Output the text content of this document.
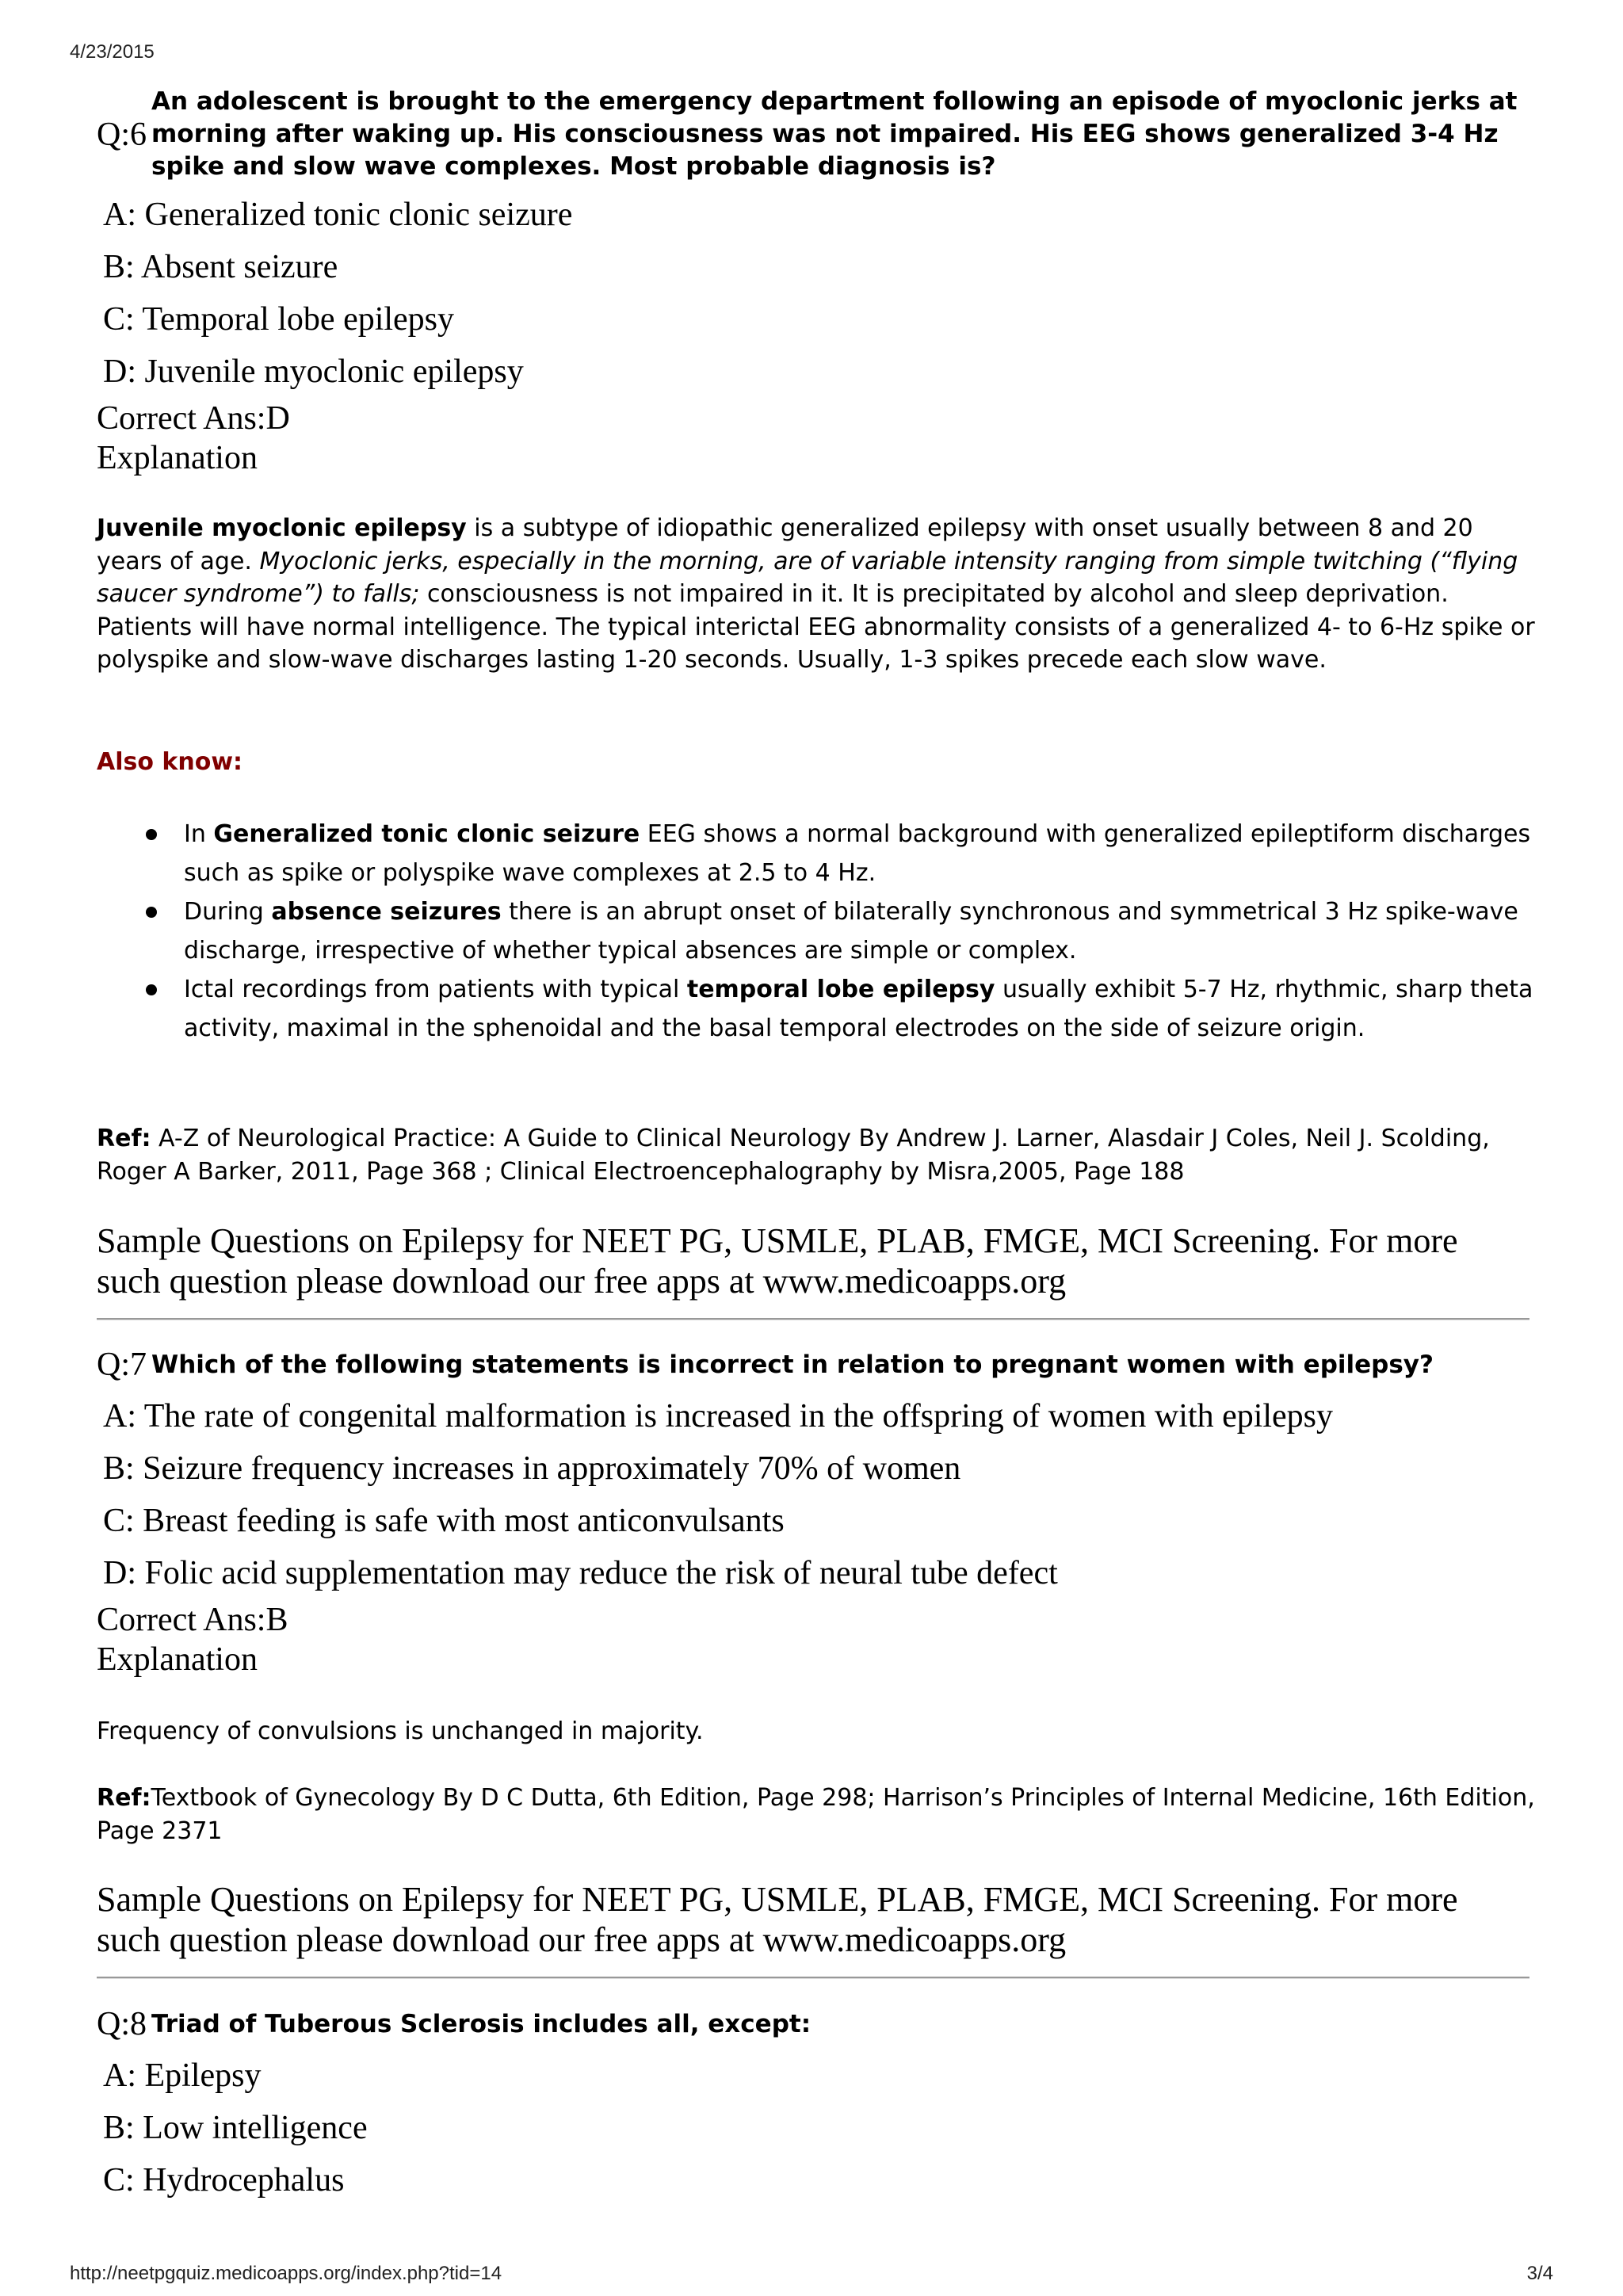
4/23/2015
Q:6
An adolescent is brought to the emergency department following an episode of myoclonic jerks at morning after waking up. His consciousness was not impaired. His EEG shows generalized 3-4 Hz spike and slow wave complexes. Most probable diagnosis is?
A: Generalized tonic clonic seizure
B: Absent seizure
C: Temporal lobe epilepsy
D: Juvenile myoclonic epilepsy
Correct Ans:D
Explanation
Juvenile myoclonic epilepsy is a subtype of idiopathic generalized epilepsy with onset usually between 8 and 20 years of age. Myoclonic jerks, especially in the morning, are of variable intensity ranging from simple twitching (“flying saucer syndrome”) to falls; consciousness is not impaired in it. It is precipitated by alcohol and sleep deprivation. Patients will have normal intelligence. The typical interictal EEG abnormality consists of a generalized 4- to 6-Hz spike or polyspike and slow-wave discharges lasting 1-20 seconds. Usually, 1-3 spikes precede each slow wave.
Also know:
In Generalized tonic clonic seizure EEG shows a normal background with generalized epileptiform discharges such as spike or polyspike wave complexes at 2.5 to 4 Hz.
During absence seizures there is an abrupt onset of bilaterally synchronous and symmetrical 3 Hz spike-wave discharge, irrespective of whether typical absences are simple or complex.
Ictal recordings from patients with typical temporal lobe epilepsy usually exhibit 5-7 Hz, rhythmic, sharp theta activity, maximal in the sphenoidal and the basal temporal electrodes on the side of seizure origin.
Ref: A-Z of Neurological Practice: A Guide to Clinical Neurology By Andrew J. Larner, Alasdair J Coles, Neil J. Scolding, Roger A Barker, 2011, Page 368 ; Clinical Electroencephalography by Misra,2005, Page 188
Sample Questions on Epilepsy for NEET PG, USMLE, PLAB, FMGE, MCI Screening. For more such question please download our free apps at www.medicoapps.org
Q:7 Which of the following statements is incorrect in relation to pregnant women with epilepsy?
A: The rate of congenital malformation is increased in the offspring of women with epilepsy
B: Seizure frequency increases in approximately 70% of women
C: Breast feeding is safe with most anticonvulsants
D: Folic acid supplementation may reduce the risk of neural tube defect
Correct Ans:B
Explanation
Frequency of convulsions is unchanged in majority.
Ref:Textbook of Gynecology By D C Dutta, 6th Edition, Page 298; Harrison’s Principles of Internal Medicine, 16th Edition, Page 2371
Sample Questions on Epilepsy for NEET PG, USMLE, PLAB, FMGE, MCI Screening. For more such question please download our free apps at www.medicoapps.org
Q:8 Triad of Tuberous Sclerosis includes all, except:
A: Epilepsy
B: Low intelligence
C: Hydrocephalus
http://neetpgquiz.medicoapps.org/index.php?tid=14	3/4
